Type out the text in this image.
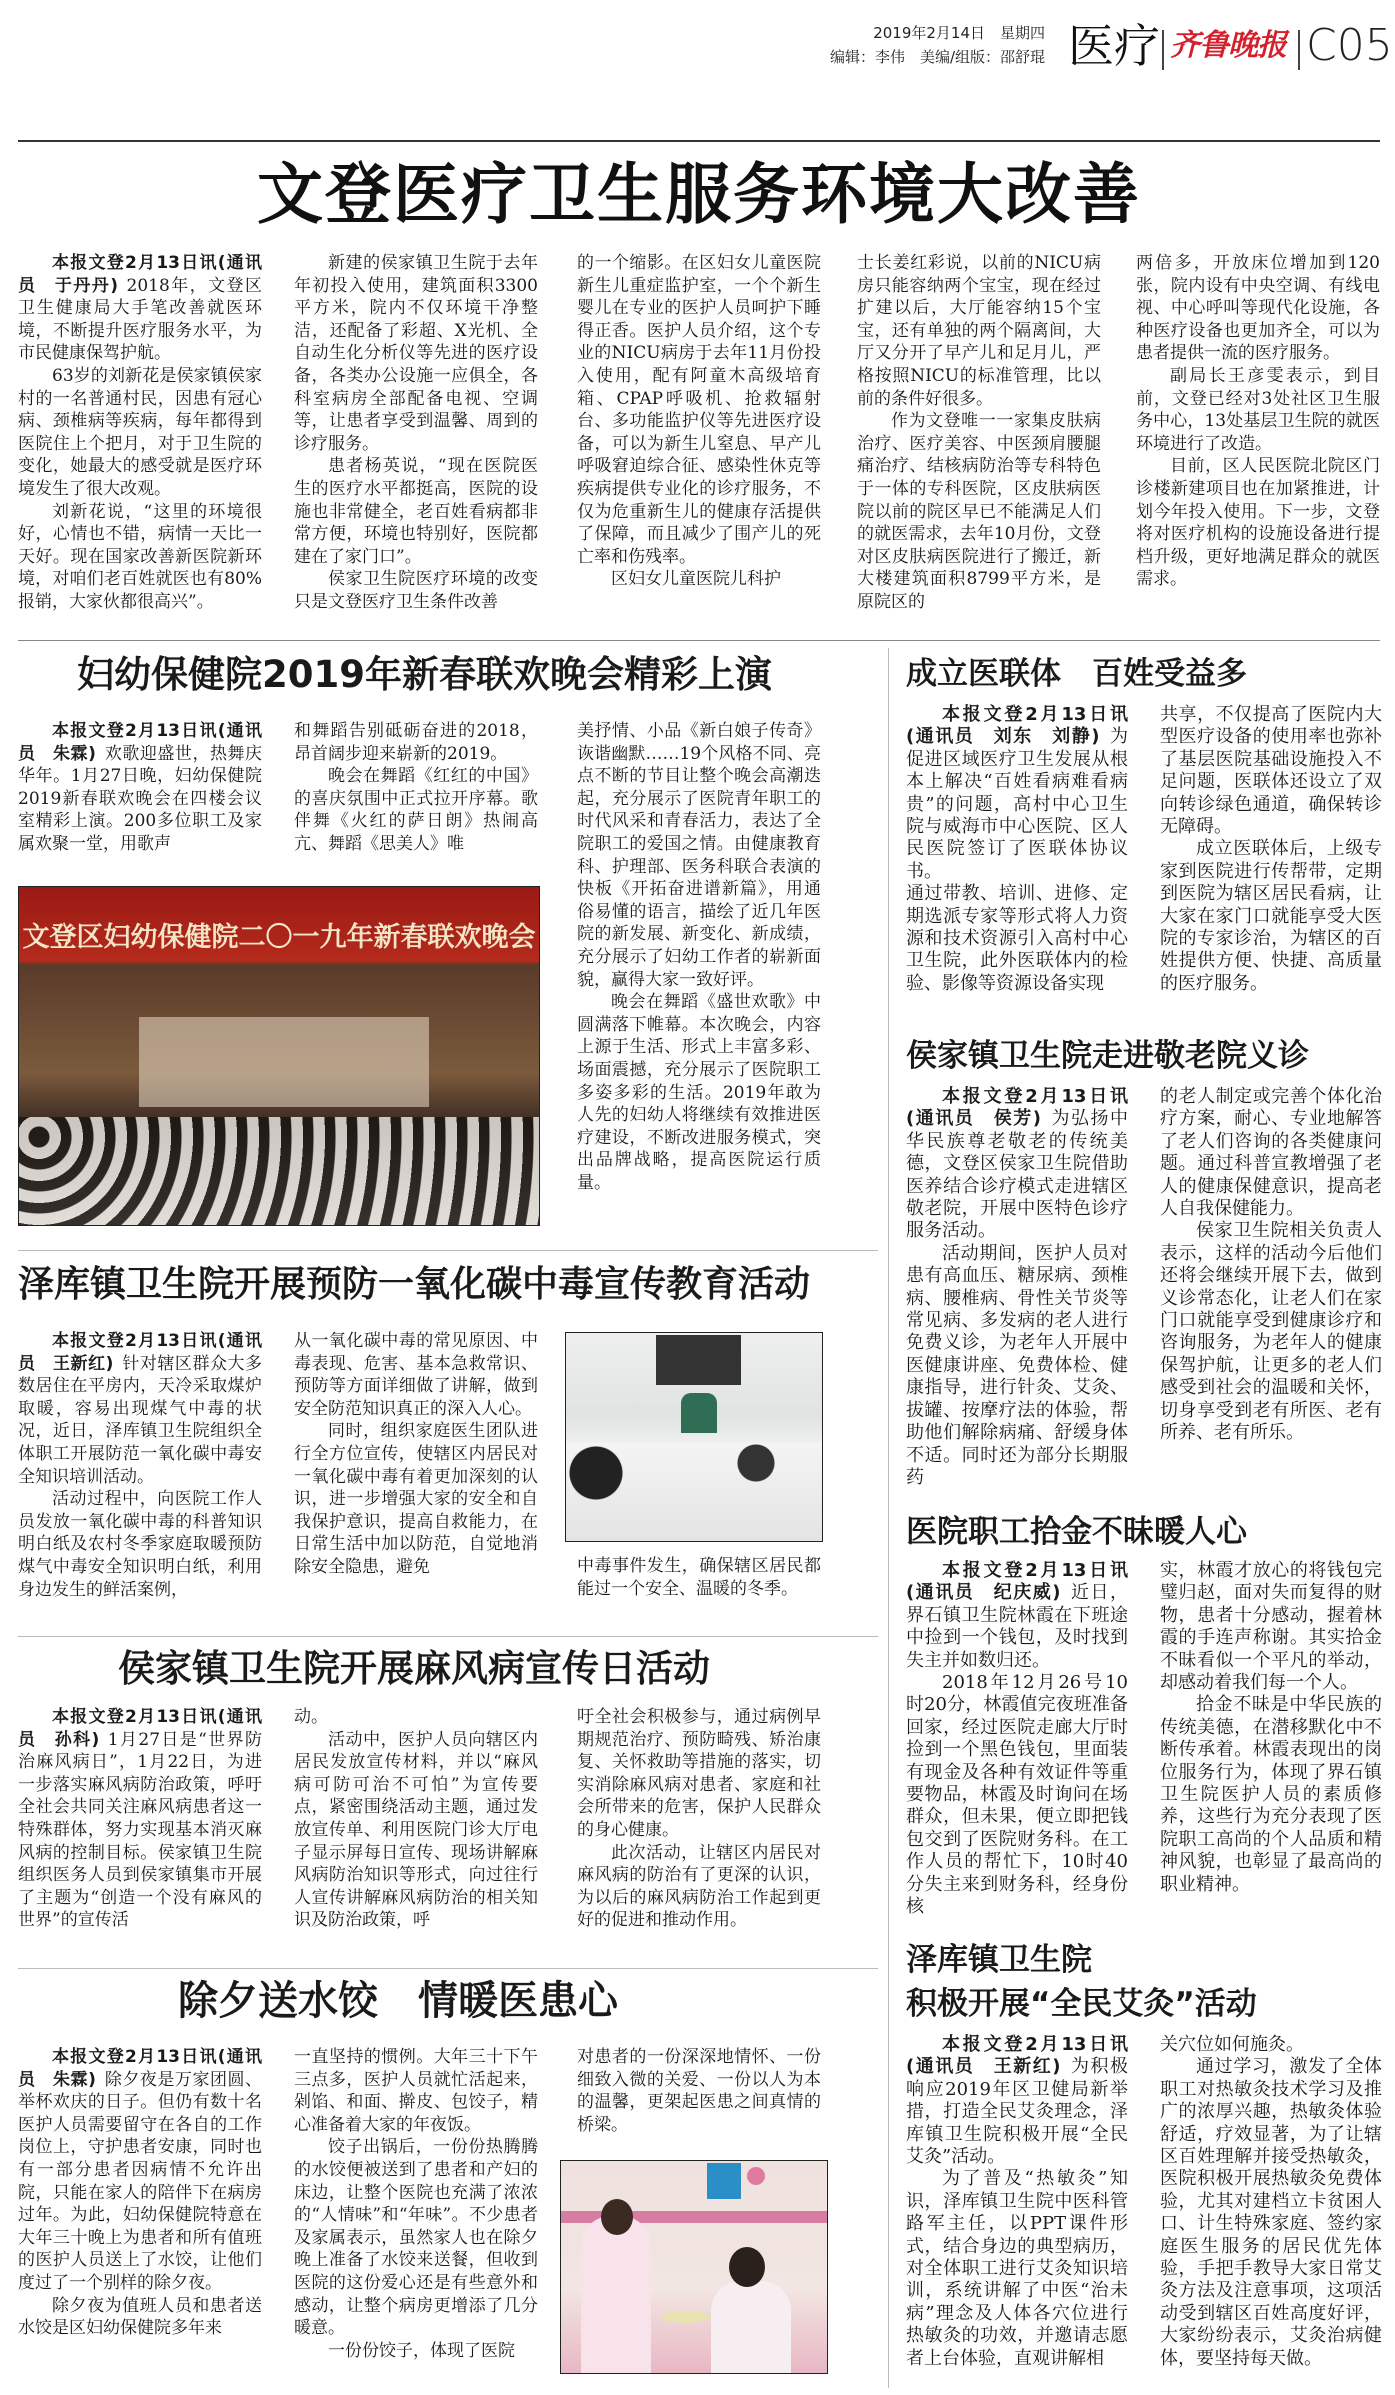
2019年2月14日　星期四
编辑：李伟　美编/组版：邵舒琨 医疗 齐鲁晚报 C05
文登医疗卫生服务环境大改善

本报文登2月13日讯(通讯员　于丹丹) 2018年，文登区卫生健康局大手笔改善就医环境，不断提升医疗服务水平，为市民健康保驾护航。

63岁的刘新花是侯家镇侯家村的一名普通村民，因患有冠心病、颈椎病等疾病，每年都得到医院住上个把月，对于卫生院的变化，她最大的感受就是医疗环境发生了很大改观。

刘新花说，“这里的环境很好，心情也不错，病情一天比一天好。现在国家改善新医院新环境，对咱们老百姓就医也有80%报销，大家伙都很高兴”。

新建的侯家镇卫生院于去年年初投入使用，建筑面积3300平方米，院内不仅环境干净整洁，还配备了彩超、X光机、全自动生化分析仪等先进的医疗设备，各类办公设施一应俱全，各科室病房全部配备电视、空调等，让患者享受到温馨、周到的诊疗服务。

患者杨英说，“现在医院医生的医疗水平都挺高，医院的设施也非常健全，老百姓看病都非常方便，环境也特别好，医院都建在了家门口”。

侯家卫生院医疗环境的改变只是文登医疗卫生条件改善

的一个缩影。在区妇女儿童医院新生儿重症监护室，一个个新生婴儿在专业的医护人员呵护下睡得正香。医护人员介绍，这个专业的NICU病房于去年11月份投入使用，配有阿童木高级培育箱、CPAP呼吸机、抢救辐射台、多功能监护仪等先进医疗设备，可以为新生儿窒息、早产儿呼吸窘迫综合征、感染性休克等疾病提供专业化的诊疗服务，不仅为危重新生儿的健康存活提供了保障，而且减少了围产儿的死亡率和伤残率。

区妇女儿童医院儿科护

士长姜红彩说，以前的NICU病房只能容纳两个宝宝，现在经过扩建以后，大厅能容纳15个宝宝，还有单独的两个隔离间，大厅又分开了早产儿和足月儿，严格按照NICU的标准管理，比以前的条件好很多。

作为文登唯一一家集皮肤病治疗、医疗美容、中医颈肩腰腿痛治疗、结核病防治等专科特色于一体的专科医院，区皮肤病医院以前的院区早已不能满足人们的就医需求，去年10月份，文登对区皮肤病医院进行了搬迁，新大楼建筑面积8799平方米，是原院区的

两倍多，开放床位增加到120张，院内设有中央空调、有线电视、中心呼叫等现代化设施，各种医疗设备也更加齐全，可以为患者提供一流的医疗服务。

副局长王彦雯表示，到目前，文登已经对3处社区卫生服务中心，13处基层卫生院的就医环境进行了改造。

目前，区人民医院北院区门诊楼新建项目也在加紧推进，计划今年投入使用。下一步，文登将对医疗机构的设施设备进行提档升级，更好地满足群众的就医需求。

妇幼保健院2019年新春联欢晚会精彩上演

本报文登2月13日讯(通讯员　朱霖) 欢歌迎盛世，热舞庆华年。1月27日晚，妇幼保健院2019新春联欢晚会在四楼会议室精彩上演。200多位职工及家属欢聚一堂，用歌声

和舞蹈告别砥砺奋进的2018，昂首阔步迎来崭新的2019。

晚会在舞蹈《红红的中国》的喜庆氛围中正式拉开序幕。歌伴舞《火红的萨日朗》热闹高亢、舞蹈《思美人》唯

美抒情、小品《新白娘子传奇》诙谐幽默……19个风格不同、亮点不断的节目让整个晚会高潮迭起，充分展示了医院青年职工的时代风采和青春活力，表达了全院职工的爱国之情。由健康教育科、护理部、医务科联合表演的快板《开拓奋进谱新篇》，用通俗易懂的语言，描绘了近几年医院的新发展、新变化、新成绩，充分展示了妇幼工作者的崭新面貌，赢得大家一致好评。

晚会在舞蹈《盛世欢歌》中圆满落下帷幕。本次晚会，内容上源于生活、形式上丰富多彩、场面震撼，充分展示了医院职工多姿多彩的生活。2019年敢为人先的妇幼人将继续有效推进医疗建设，不断改进服务模式，突出品牌战略，提高医院运行质量。

文登区妇幼保健院二〇一九年新春联欢晚会
泽库镇卫生院开展预防一氧化碳中毒宣传教育活动

本报文登2月13日讯(通讯员　王新红) 针对辖区群众大多数居住在平房内，天冷采取煤炉取暖，容易出现煤气中毒的状况，近日，泽库镇卫生院组织全体职工开展防范一氧化碳中毒安全知识培训活动。

活动过程中，向医院工作人员发放一氧化碳中毒的科普知识明白纸及农村冬季家庭取暖预防煤气中毒安全知识明白纸，利用身边发生的鲜活案例，

从一氧化碳中毒的常见原因、中毒表现、危害、基本急救常识、预防等方面详细做了讲解，做到安全防范知识真正的深入人心。

同时，组织家庭医生团队进行全方位宣传，使辖区内居民对一氧化碳中毒有着更加深刻的认识，进一步增强大家的安全和自我保护意识，提高自救能力，在日常生活中加以防范，自觉地消除安全隐患，避免	中毒事件发生，确保辖区居民都能过一个安全、温暖的冬季。

侯家镇卫生院开展麻风病宣传日活动

本报文登2月13日讯(通讯员　孙科) 1月27日是“世界防治麻风病日”，1月22日，为进一步落实麻风病防治政策，呼吁全社会共同关注麻风病患者这一特殊群体，努力实现基本消灭麻风病的控制目标。侯家镇卫生院组织医务人员到侯家镇集市开展了主题为“创造一个没有麻风的世界”的宣传活

动。

活动中，医护人员向辖区内居民发放宣传材料，并以“麻风病可防可治不可怕”为宣传要点，紧密围绕活动主题，通过发放宣传单、利用医院门诊大厅电子显示屏每日宣传、现场讲解麻风病防治知识等形式，向过往行人宣传讲解麻风病防治的相关知识及防治政策，呼

吁全社会积极参与，通过病例早期规范治疗、预防畸残、矫治康复、关怀救助等措施的落实，切实消除麻风病对患者、家庭和社会所带来的危害，保护人民群众的身心健康。

此次活动，让辖区内居民对麻风病的防治有了更深的认识，为以后的麻风病防治工作起到更好的促进和推动作用。

除夕送水饺　情暖医患心

本报文登2月13日讯(通讯员　朱霖) 除夕夜是万家团圆、举杯欢庆的日子。但仍有数十名医护人员需要留守在各自的工作岗位上，守护患者安康，同时也有一部分患者因病情不允许出院，只能在家人的陪伴下在病房过年。为此，妇幼保健院特意在大年三十晚上为患者和所有值班的医护人员送上了水饺，让他们度过了一个别样的除夕夜。

除夕夜为值班人员和患者送水饺是区妇幼保健院多年来

一直坚持的惯例。大年三十下午三点多，医护人员就忙活起来，剁馅、和面、擀皮、包饺子，精心准备着大家的年夜饭。

饺子出锅后，一份份热腾腾的水饺便被送到了患者和产妇的床边，让整个医院也充满了浓浓的“人情味”和“年味”。不少患者及家属表示，虽然家人也在除夕晚上准备了水饺来送餐，但收到医院的这份爱心还是有些意外和感动，让整个病房更增添了几分暖意。

一份份饺子，体现了医院

对患者的一份深深地情怀、一份细致入微的关爱、一份以人为本的温馨，更架起医患之间真情的桥梁。

成立医联体　百姓受益多

本报文登2月13日讯(通讯员　刘东　刘静) 为促进区域医疗卫生发展从根本上解决“百姓看病难看病贵”的问题，高村中心卫生院与威海市中心医院、区人民医院签订了医联体协议书。

通过带教、培训、进修、定期选派专家等形式将人力资源和技术资源引入高村中心卫生院，此外医联体内的检验、影像等资源设备实现

共享，不仅提高了医院内大型医疗设备的使用率也弥补了基层医院基础设施投入不足问题，医联体还设立了双向转诊绿色通道，确保转诊无障碍。

成立医联体后，上级专家到医院进行传帮带，定期到医院为辖区居民看病，让大家在家门口就能享受大医院的专家诊治，为辖区的百姓提供方便、快捷、高质量的医疗服务。

侯家镇卫生院走进敬老院义诊

本报文登2月13日讯(通讯员　侯芳) 为弘扬中华民族尊老敬老的传统美德，文登区侯家卫生院借助医养结合诊疗模式走进辖区敬老院，开展中医特色诊疗服务活动。

活动期间，医护人员对患有高血压、糖尿病、颈椎病、腰椎病、骨性关节炎等常见病、多发病的老人进行免费义诊，为老年人开展中医健康讲座、免费体检、健康指导，进行针灸、艾灸、拔罐、按摩疗法的体验，帮助他们解除病痛、舒缓身体不适。同时还为部分长期服药

的老人制定或完善个体化治疗方案，耐心、专业地解答了老人们咨询的各类健康问题。通过科普宣教增强了老人的健康保健意识，提高老人自我保健能力。

侯家卫生院相关负责人表示，这样的活动今后他们还将会继续开展下去，做到义诊常态化，让老人们在家门口就能享受到健康诊疗和咨询服务，为老年人的健康保驾护航，让更多的老人们感受到社会的温暖和关怀，切身享受到老有所医、老有所养、老有所乐。

医院职工拾金不昧暖人心

本报文登2月13日讯(通讯员　纪庆威) 近日，界石镇卫生院林霞在下班途中捡到一个钱包，及时找到失主并如数归还。

2018年12月26号10时20分，林霞值完夜班准备回家，经过医院走廊大厅时捡到一个黑色钱包，里面装有现金及各种有效证件等重要物品，林霞及时询问在场群众，但未果，便立即把钱包交到了医院财务科。在工作人员的帮忙下，10时40分失主来到财务科，经身份核

实，林霞才放心的将钱包完璧归赵，面对失而复得的财物，患者十分感动，握着林霞的手连声称谢。其实拾金不昧看似一个平凡的举动，却感动着我们每一个人。

拾金不昧是中华民族的传统美德，在潜移默化中不断传承着。林霞表现出的岗位服务行为，体现了界石镇卫生院医护人员的素质修养，这些行为充分表现了医院职工高尚的个人品质和精神风貌，也彰显了最高尚的职业精神。

泽库镇卫生院
积极开展“全民艾灸”活动

本报文登2月13日讯(通讯员　王新红) 为积极响应2019年区卫健局新举措，打造全民艾灸理念，泽库镇卫生院积极开展“全民艾灸”活动。

为了普及“热敏灸”知识，泽库镇卫生院中医科管路军主任，以PPT课件形式，结合身边的典型病历，对全体职工进行艾灸知识培训，系统讲解了中医“治未病”理念及人体各穴位进行热敏灸的功效，并邀请志愿者上台体验，直观讲解相

关穴位如何施灸。

通过学习，激发了全体职工对热敏灸技术学习及推广的浓厚兴趣，热敏灸体验舒适，疗效显著，为了让辖区百姓理解并接受热敏灸，医院积极开展热敏灸免费体验，尤其对建档立卡贫困人口、计生特殊家庭、签约家庭医生服务的居民优先体验，手把手教导大家日常艾灸方法及注意事项，这项活动受到辖区百姓高度好评，大家纷纷表示，艾灸治病健体，要坚持每天做。
